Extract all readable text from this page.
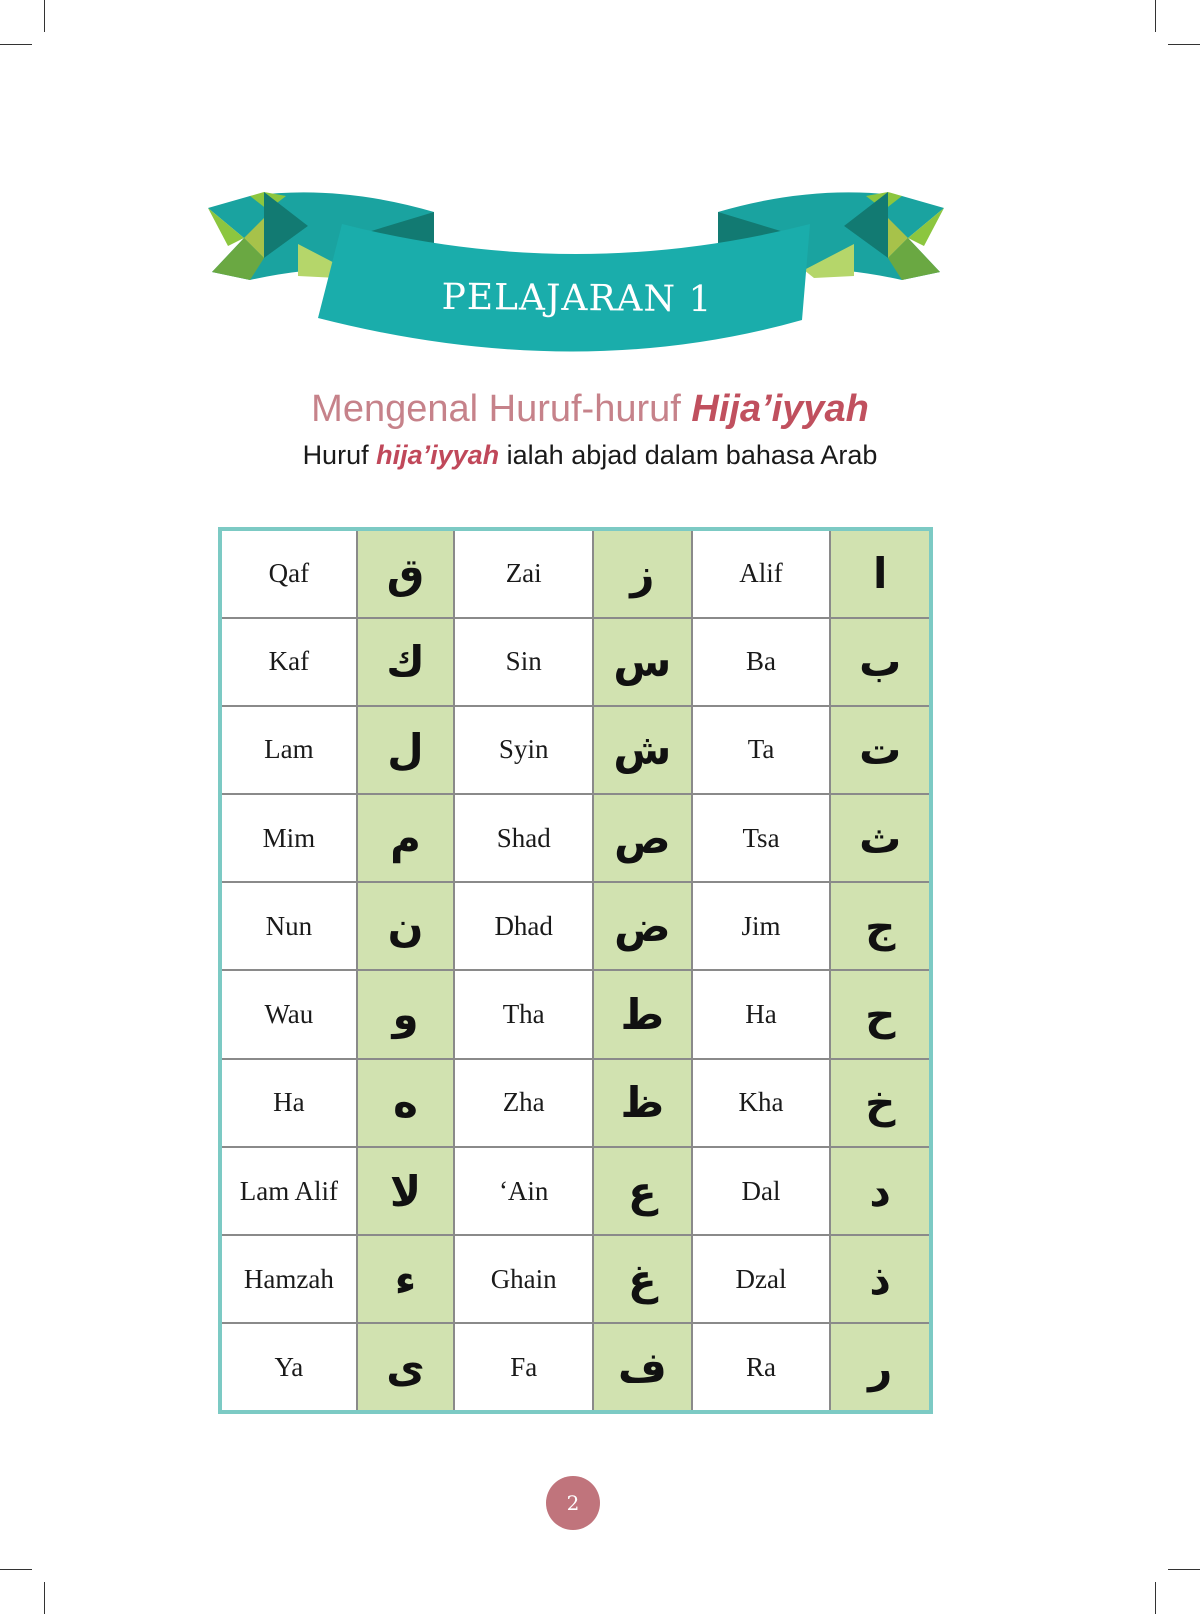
PELAJARAN 1
Mengenal Huruf-huruf Hija’iyyah
Huruf hija’iyyah ialah abjad dalam bahasa Arab
Qaf	ق	Zai	ز	Alif	ا
Kaf	ك	Sin	س	Ba	ب
Lam	ل	Syin	ش	Ta	ت
Mim	م	Shad	ص	Tsa	ث
Nun	ن	Dhad	ض	Jim	ج
Wau	و	Tha	ط	Ha	ح
Ha	ه	Zha	ظ	Kha	خ
Lam Alif	لا	‘Ain	ع	Dal	د
Hamzah	ء	Ghain	غ	Dzal	ذ
Ya	ى	Fa	ف	Ra	ر
2
